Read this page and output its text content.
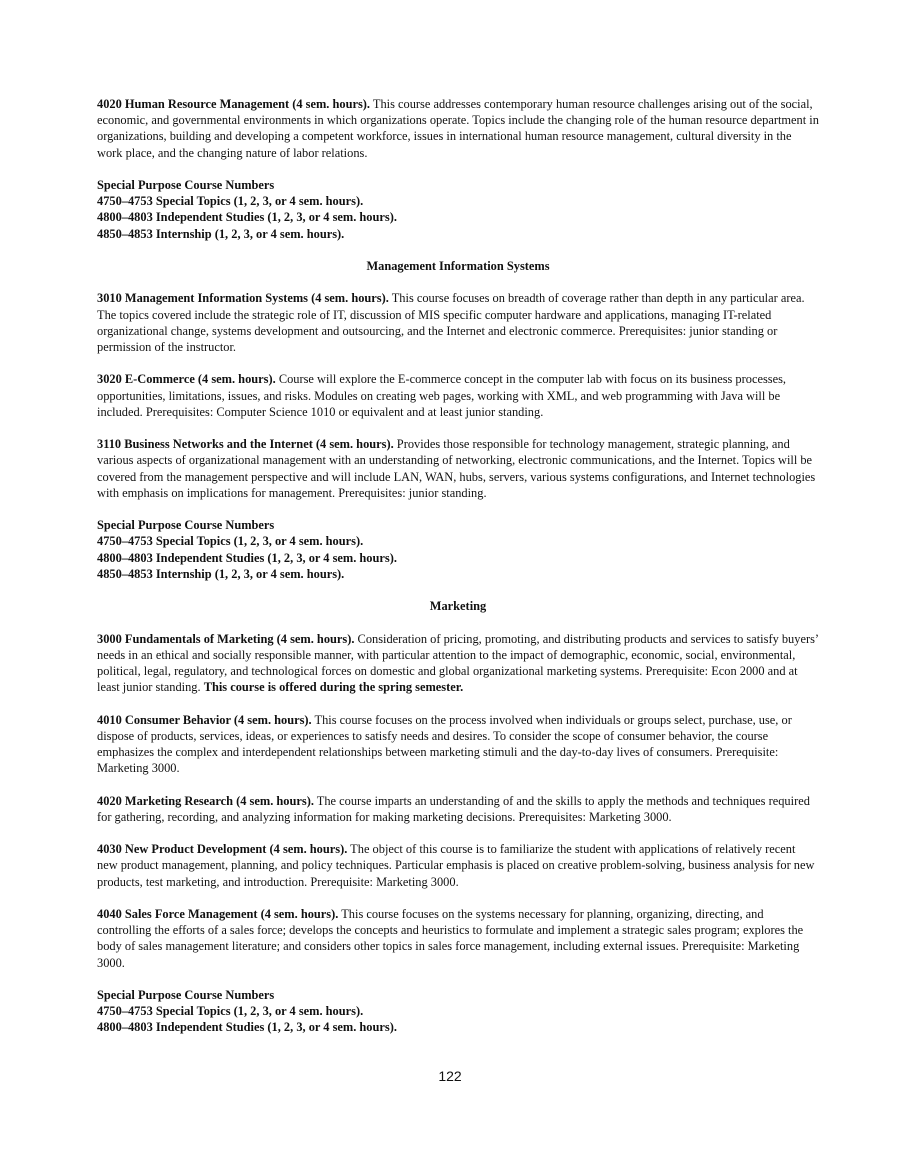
4020 Human Resource Management (4 sem. hours). This course addresses contemporary human resource challenges arising out of the social, economic, and governmental environments in which organizations operate. Topics include the changing role of the human resource department in organizations, building and developing a competent workforce, issues in international human resource management, cultural diversity in the work place, and the changing nature of labor relations.

Special Purpose Course Numbers
4750–4753 Special Topics (1, 2, 3, or 4 sem. hours).
4800–4803 Independent Studies (1, 2, 3, or 4 sem. hours).
4850–4853 Internship (1, 2, 3, or 4 sem. hours).
Management Information Systems

3010 Management Information Systems (4 sem. hours). This course focuses on breadth of coverage rather than depth in any particular area. The topics covered include the strategic role of IT, discussion of MIS specific computer hardware and applications, managing IT-related organizational change, systems development and outsourcing, and the Internet and electronic commerce. Prerequisites: junior standing or permission of the instructor.

3020 E-Commerce (4 sem. hours). Course will explore the E-commerce concept in the computer lab with focus on its business processes, opportunities, limitations, issues, and risks. Modules on creating web pages, working with XML, and web programming with Java will be included. Prerequisites: Computer Science 1010 or equivalent and at least junior standing.

3110 Business Networks and the Internet (4 sem. hours). Provides those responsible for technology management, strategic planning, and various aspects of organizational management with an understanding of networking, electronic communications, and the Internet. Topics will be covered from the management perspective and will include LAN, WAN, hubs, servers, various systems configurations, and Internet technologies with emphasis on implications for management. Prerequisites: junior standing.

Special Purpose Course Numbers
4750–4753 Special Topics (1, 2, 3, or 4 sem. hours).
4800–4803 Independent Studies (1, 2, 3, or 4 sem. hours).
4850–4853 Internship (1, 2, 3, or 4 sem. hours).
Marketing

3000 Fundamentals of Marketing (4 sem. hours). Consideration of pricing, promoting, and distributing products and services to satisfy buyers’ needs in an ethical and socially responsible manner, with particular attention to the impact of demographic, economic, social, environmental, political, legal, regulatory, and technological forces on domestic and global organizational marketing systems. Prerequisite: Econ 2000 and at least junior standing. This course is offered during the spring semester.

4010 Consumer Behavior (4 sem. hours). This course focuses on the process involved when individuals or groups select, purchase, use, or dispose of products, services, ideas, or experiences to satisfy needs and desires. To consider the scope of consumer behavior, the course emphasizes the complex and interdependent relationships between marketing stimuli and the day-to-day lives of consumers. Prerequisite: Marketing 3000.

4020 Marketing Research (4 sem. hours). The course imparts an understanding of and the skills to apply the methods and techniques required for gathering, recording, and analyzing information for making marketing decisions. Prerequisites: Marketing 3000.

4030 New Product Development (4 sem. hours). The object of this course is to familiarize the student with applications of relatively recent new product management, planning, and policy techniques. Particular emphasis is placed on creative problem-solving, business analysis for new products, test marketing, and introduction. Prerequisite: Marketing 3000.

4040 Sales Force Management (4 sem. hours). This course focuses on the systems necessary for planning, organizing, directing, and controlling the efforts of a sales force; develops the concepts and heuristics to formulate and implement a strategic sales program; explores the body of sales management literature; and considers other topics in sales force management, including external issues. Prerequisite: Marketing 3000.

Special Purpose Course Numbers
4750–4753 Special Topics (1, 2, 3, or 4 sem. hours).
4800–4803 Independent Studies (1, 2, 3, or 4 sem. hours).
122
